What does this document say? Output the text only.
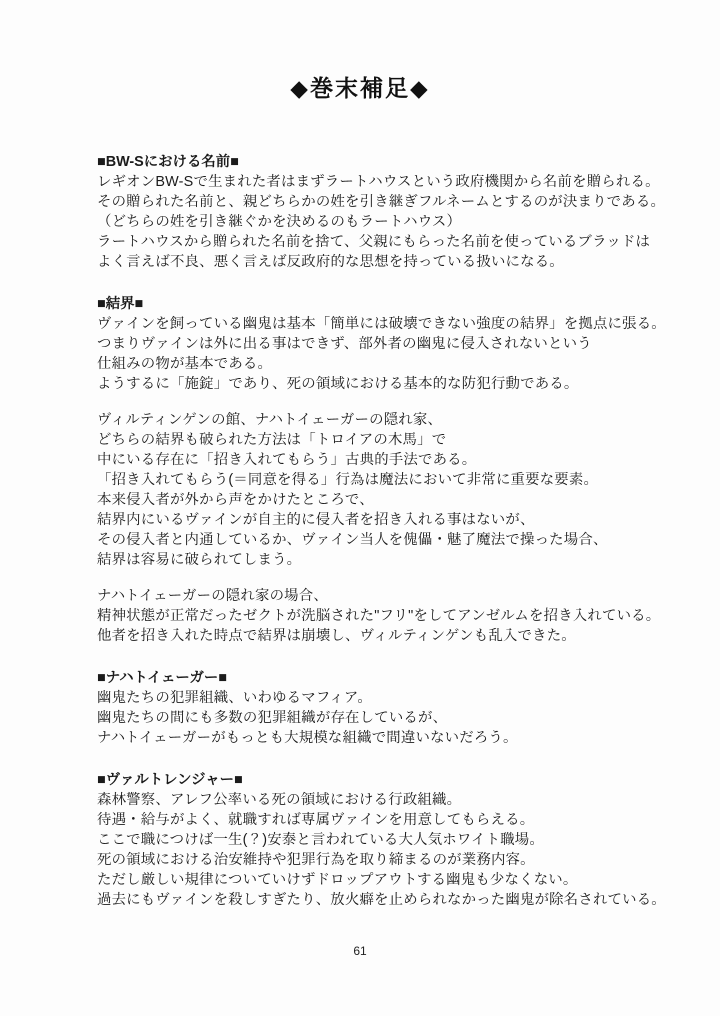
◆巻末補足◆
■BW-Sにおける名前■
レギオンBW-Sで生まれた者はまずラートハウスという政府機関から名前を贈られる。
その贈られた名前と、親どちらかの姓を引き継ぎフルネームとするのが決まりである。
（どちらの姓を引き継ぐかを決めるのもラートハウス）
ラートハウスから贈られた名前を捨て、父親にもらった名前を使っているブラッドは
よく言えば不良、悪く言えば反政府的な思想を持っている扱いになる。
■結界■
ヴァインを飼っている幽鬼は基本「簡単には破壊できない強度の結界」を拠点に張る。
つまりヴァインは外に出る事はできず、部外者の幽鬼に侵入されないという
仕組みの物が基本である。
ようするに「施錠」であり、死の領域における基本的な防犯行動である。
ヴィルティンゲンの館、ナハトイェーガーの隠れ家、
どちらの結界も破られた方法は「トロイアの木馬」で
中にいる存在に「招き入れてもらう」古典的手法である。
「招き入れてもらう(＝同意を得る」行為は魔法において非常に重要な要素。
本来侵入者が外から声をかけたところで、
結界内にいるヴァインが自主的に侵入者を招き入れる事はないが、
その侵入者と内通しているか、ヴァイン当人を傀儡・魅了魔法で操った場合、
結界は容易に破られてしまう。
ナハトイェーガーの隠れ家の場合、
精神状態が正常だったゼクトが洗脳された"フリ"をしてアンゼルムを招き入れている。
他者を招き入れた時点で結界は崩壊し、ヴィルティンゲンも乱入できた。
■ナハトイェーガー■
幽鬼たちの犯罪組織、いわゆるマフィア。
幽鬼たちの間にも多数の犯罪組織が存在しているが、
ナハトイェーガーがもっとも大規模な組織で間違いないだろう。
■ヴァルトレンジャー■
森林警察、アレフ公率いる死の領域における行政組織。
待遇・給与がよく、就職すれば専属ヴァインを用意してもらえる。
ここで職につけば一生(？)安泰と言われている大人気ホワイト職場。
死の領域における治安維持や犯罪行為を取り締まるのが業務内容。
ただし厳しい規律についていけずドロップアウトする幽鬼も少なくない。
過去にもヴァインを殺しすぎたり、放火癖を止められなかった幽鬼が除名されている。
61
